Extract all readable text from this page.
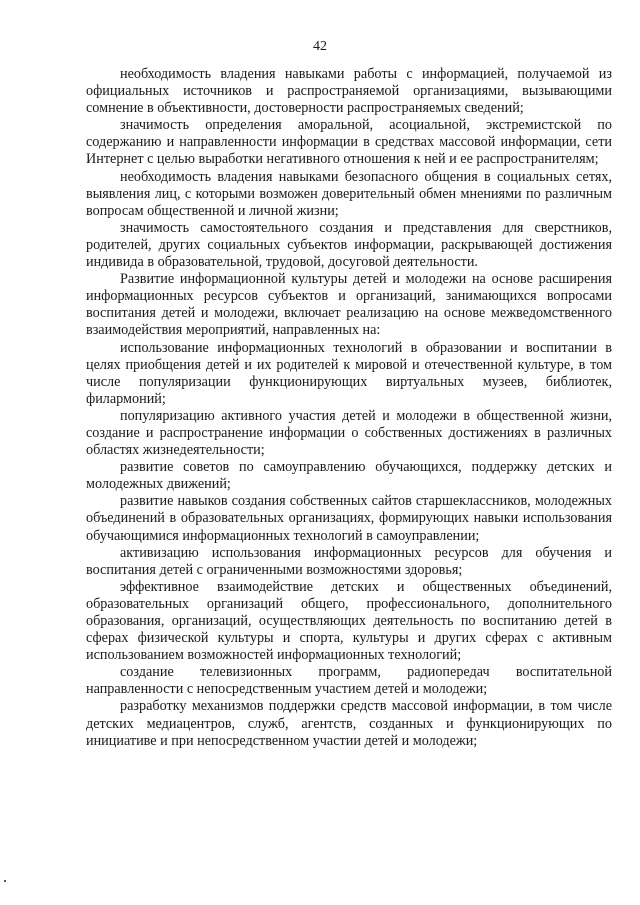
42

необходимость владения навыками работы с информацией, получаемой из официальных источников и распространяемой организациями, вызывающими сомнение в объективности, достоверности распространяемых сведений;

значимость определения аморальной, асоциальной, экстремистской по содержанию и направленности информации в средствах массовой информации, сети Интернет с целью выработки негативного отношения к ней и ее распространителям;

необходимость владения навыками безопасного общения в социальных сетях, выявления лиц, с которыми возможен доверительный обмен мнениями по различным вопросам общественной и личной жизни;

значимость самостоятельного создания и представления для сверстников, родителей, других социальных субъектов информации, раскрывающей достижения индивида в образовательной, трудовой, досуговой деятельности.

Развитие информационной культуры детей и молодежи на основе расширения информационных ресурсов субъектов и организаций, занимающихся вопросами воспитания детей и молодежи, включает реализацию на основе межведомственного взаимодействия мероприятий, направленных на:

использование информационных технологий в образовании и воспитании в целях приобщения детей и их родителей к мировой и отечественной культуре, в том числе популяризации функционирующих виртуальных музеев, библиотек, филармоний;

популяризацию активного участия детей и молодежи в общественной жизни, создание и распространение информации о собственных достижениях в различных областях жизнедеятельности;

развитие советов по самоуправлению обучающихся, поддержку детских и молодежных движений;

развитие навыков создания собственных сайтов старшеклассников, молодежных объединений в образовательных организациях, формирующих навыки использования обучающимися информационных технологий в самоуправлении;

активизацию использования информационных ресурсов для обучения и воспитания детей с ограниченными возможностями здоровья;

эффективное взаимодействие детских и общественных объединений, образовательных организаций общего, профессионального, дополнительного образования, организаций, осуществляющих деятельность по воспитанию детей в сферах физической культуры и спорта, культуры и других сферах с активным использованием возможностей информационных технологий;

создание телевизионных программ, радиопередач воспитательной направленности с непосредственным участием детей и молодежи;

разработку механизмов поддержки средств массовой информации, в том числе детских медиацентров, служб, агентств, созданных и функционирующих по инициативе и при непосредственном участии детей и молодежи;
